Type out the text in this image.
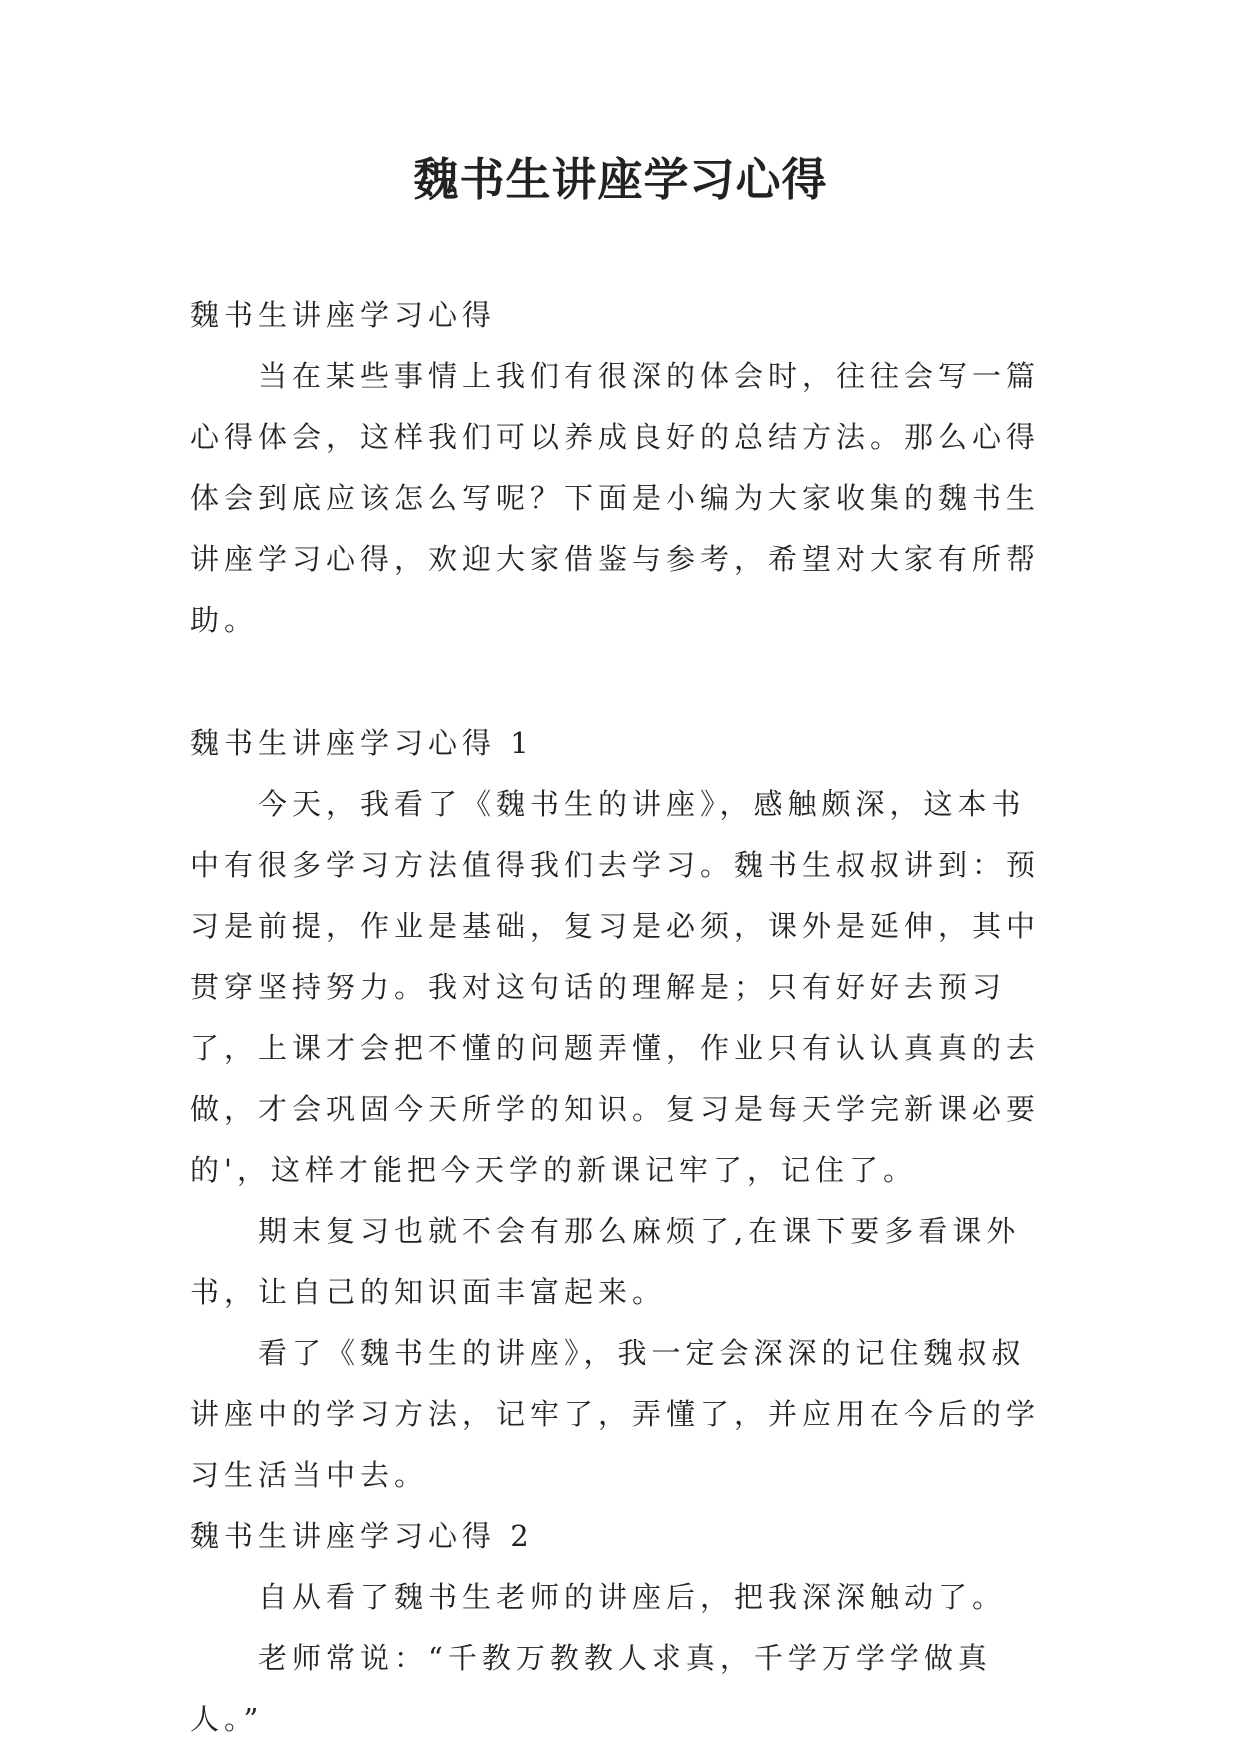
魏书生讲座学习心得

魏书生讲座学习心得

当在某些事情上我们有很深的体会时，往往会写一篇心得体会，这样我们可以养成良好的总结方法。那么心得体会到底应该怎么写呢？下面是小编为大家收集的魏书生讲座学习心得，欢迎大家借鉴与参考，希望对大家有所帮助。

魏书生讲座学习心得 1

今天，我看了《魏书生的讲座》，感触颇深，这本书中有很多学习方法值得我们去学习。魏书生叔叔讲到：预习是前提，作业是基础，复习是必须，课外是延伸，其中贯穿坚持努力。我对这句话的理解是；只有好好去预习了，上课才会把不懂的问题弄懂，作业只有认认真真的去做，才会巩固今天所学的知识。复习是每天学完新课必要的'，这样才能把今天学的新课记牢了，记住了。

期末复习也就不会有那么麻烦了,在课下要多看课外书，让自己的知识面丰富起来。

看了《魏书生的讲座》，我一定会深深的记住魏叔叔讲座中的学习方法，记牢了，弄懂了，并应用在今后的学习生活当中去。

魏书生讲座学习心得 2

自从看了魏书生老师的讲座后，把我深深触动了。

老师常说：“千教万教教人求真，千学万学学做真人。”
